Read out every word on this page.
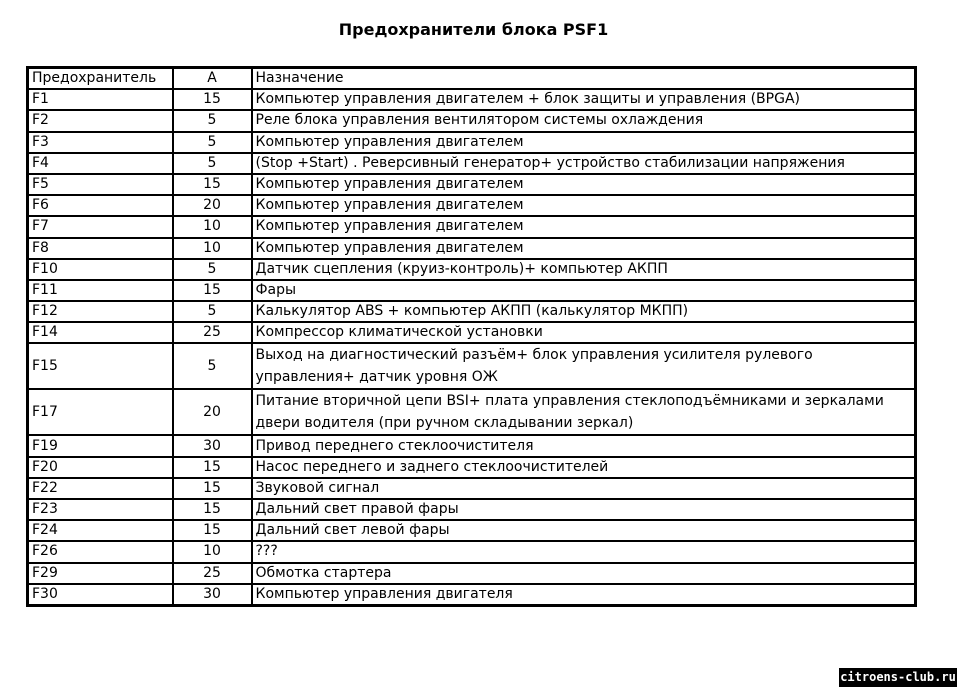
Предохранители блока PSF1
Предохранитель	A	Назначение
F1	15	Компьютер управления двигателем + блок защиты и управления (BPGA)
F2	5	Реле блока управления вентилятором системы охлаждения
F3	5	Компьютер управления двигателем
F4	5	(Stop +Start) . Реверсивный генератор+ устройство стабилизации напряжения
F5	15	Компьютер управления двигателем
F6	20	Компьютер управления двигателем
F7	10	Компьютер управления двигателем
F8	10	Компьютер управления двигателем
F10	5	Датчик сцепления (круиз-контроль)+ компьютер АКПП
F11	15	Фары
F12	5	Калькулятор ABS + компьютер АКПП (калькулятор МКПП)
F14	25	Компрессор климатической установки
F15	5	Выход на диагностический разъём+ блок управления усилителя рулевого управления+ датчик уровня ОЖ
F17	20	Питание вторичной цепи BSI+ плата управления стеклоподъёмниками и зеркалами двери водителя (при ручном складывании зеркал)
F19	30	Привод переднего стеклоочистителя
F20	15	Насос переднего и заднего стеклоочистителей
F22	15	Звуковой сигнал
F23	15	Дальний свет правой фары
F24	15	Дальний свет левой фары
F26	10	???
F29	25	Обмотка стартера
F30	30	Компьютер управления двигателя
citroens-club.ru
